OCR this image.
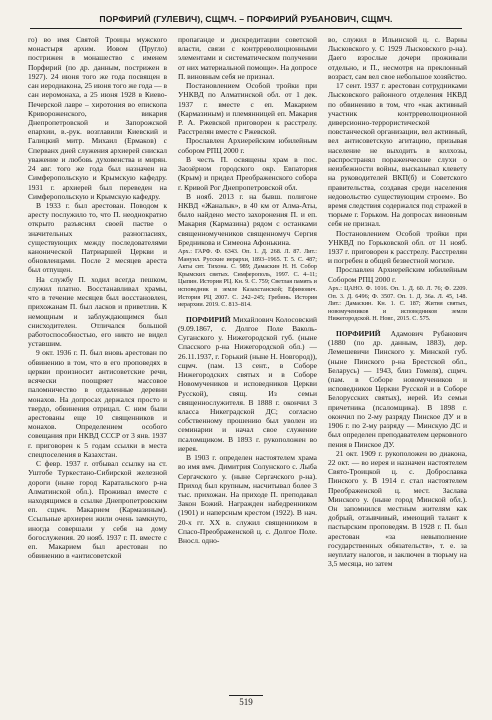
ПОРФИРИЙ (ГУЛЕВИЧ), СЩМЧ. – ПОРФИРИЙ РУБАНОВИЧ, СЩМЧ.

го) во имя Святой Троицы мужского монастыря архим. Иовом (Пругло) пострижен в монашество с именем Порфирий (по др. данным, пострижен в 1927). 24 июня того же года посвящен в сан иеродиакона, 25 июня того же года — в сан иеромонаха, а 25 июня 1928 в Киево-Печерской лавре – хиротония во епископа Кривороженского, викария Днепропетровской и Запорожской епархии, в.-рук. возглавили Киевский и Галицкий митр. Михаил (Ермаков) с Сперванх дней служения архиерей снискал уважение и любовь духовенства и мирян. 24 авг. того же года был назначен на Симферопольскую и Крымскую кафедру. 1931 г. архиерей был переведен на Симферопольскую и Крымскую кафедру.

В 1933 г. был арестован. Поводом к аресту послужило то, что П. неоднократно открыто разъяснял своей пастве о значительных разногласиях, существующих между последователями канонической Патриаршей Церкви и обновленцами. После 2 месяцев ареста был отпущен.

На службу П. ходил всегда пешком, служил платно. Восстанавливал храмы, что в течение месяцев был восстановлен, прихожанам П. был ласков и приветлив. К немощным и заблуждающимся был снисходителен. Отличался большой работоспособностью, его никто не видел уставшим.

9 окт. 1936 г. П. был вновь арестован по обвинению в том, что в его проповедях в церкви произносит антисоветские речи, всячески поощряет массовое паломничество в отдаленные деревни монахов. На допросах держался просто и твердо, обвинения отрицал. С ним были арестованы еще 10 священников и монахов. Определением особого совещания при НКВД СССР от 3 янв. 1937 г. приговорен к 5 годам ссылки в места спецпоселения в Казахстан.

С февр. 1937 г. отбывал ссылку на ст. Уштобе Туркестано-Сибирской железной дороги (ныне город Каратальского р-на Алматинской обл.). Проживал вместе с находящимся в ссылке Днепропетровским еп. сщмч. Макарием (Кармазиным). Ссыльные архиереи жили очень замкнуто, иногда совершали у себя на дому богослужения. 20 нояб. 1937 г. П. вместе с еп. Макарием был арестован по обвинению в «антисоветской

пропаганде и дискредитации советской власти, связи с контрреволюционными элементами и систематическом получении от них материальной помощи». На допросе П. виновным себя не признал.

Постановлением Особой тройки при УНКВД по Алматинской обл. от 1 дек. 1937 г. вместе с еп. Макарием (Кармазиным) и племянницей еп. Макария Р. А. Ржевской приговорен к расстрелу. Расстрелян вместе с Ржевской.

Прославлен Архиерейским юбилейным собором РПЦ 2000 г.

В честь П. освящены храм в пос. Заозёрном городского окр. Евпатория (Крым) и придел Преображенского собора г. Кривой Рог Днепропетровской обл.

В нояб. 2013 г. на бывш. полигоне НКВД «Жаналык», в 40 км от Алма-Аты, было найдено место захоронения П. и еп. Макария (Кармазина) рядом с останками священномучеников священномуч Сергия Бредникова и Симеона Афонькина.

Арх.: ГАРФ. Ф. 6343. Оп. 1. Д. 268. Л. 87. Лит.: Мануил. Русские иерархи, 1893–1965. Т. 5. С. 487; Акты свт. Тихона. С. 989; Дамаскин Н. Н. Собор Крымских святых. Симферополь, 1997. С. 4–11; Цыпин. История РЦ. Кн. 9. С. 759; Светлая память и исповедник в земле Казахстанской; Ефимович. История РЦ 2007. С. 242–245; Гребинь. История иерархии. 2019. С. 813–814.

ПОРФИРИЙ Михайлович Колосовский (9.09.1867, с. Долгое Поле Ваколь-Суганского у. Нижегородской губ. (ныне Спасского р-на Нижегородской обл.) — 26.11.1937, г. Горький (ныне Н. Новгород)), сщмч. (пам. 13 сент., в Соборе Нижегородских святых и в Соборе Новомучеников и исповедников Церкви Русской), свящ. Из семьи священнослужителя. В 1888 г. окончил 3 класса Никеградской ДС; согласно собственному прошению был уволен из семинарии и начал свое служение псаломщиком. В 1893 г. рукоположен во иерея.

В 1903 г. определен настоятелем храма во имя вмч. Димитрия Солунского с. Лыба Сергачского у. (ныне Сергачского р-на). Приход был крупным, насчитывал более 3 тыс. прихожан. На приходе П. преподавал Закон Божий. Награжден набедренником (1901) и наперсным крестом (1922). В нач. 20-х гг. XX в. служил священником в Спасо-Преображенской ц. с. Долгое Поле. Вносл. одно-

во, служил в Ильинской ц. с. Варны Лысковского у. С 1929 Лысковского р-на). Даего взрослые дочери проживали отдельно, и П., несмотря на преклонный возраст, сам вел свое небольшое хозяйство.

17 сент. 1937 г. арестован сотрудниками Лысковского районного отделения НКВД по обвинению в том, что «как активный участник контрреволюционной диверсионно-террористической повстанческой организации, вел активный, вел антисоветскую агитацию, призывая население не выходить в колхозы, распространял пораженческие слухи о неизбежности войны, высказывал клевету на руководителей ВКП(б) и Советского правительства, создавая среди населения недовольство существующим строем». Во время следствия содержался под стражей в тюрьме г. Горьком. На допросах виновным себя не признал.

Постановлением Особой тройки при УНКВД по Горьковской обл. от 11 нояб. 1937 г. приговорен к расстрелу. Расстрелян и погребен в общей безвестной могиле.

Прославлен Архиерейским юбилейным Собором РПЦ 2000 г.

Арх.: ЦАНО. Ф. 1016. Оп. 1. Д. 60. Л. 76; Ф. 2209. Оп. 3. Д. 6496; Ф. 3507. Оп. 1. Д. 36а. Л. 45, 148. Лит.: Дамаскин. Кн. 1. С. 187; Жития святых, новомучеников и исповедников земли Нижегородской. Н. Новг., 2015. С. 575.

ПОРФИРИЙ Адамович Рубанович (1880 (по др. данным, 1883), дер. Лемешевичи Пинского у. Минской губ. (ныне Пинского р-на Брестской обл., Беларусь) — 1943, близ Гомеля), сщмч. (пам. в Соборе новомучеников и исповедников Церкви Русской и в Соборе Белорусских святых), иерей. Из семьи причетника (псаломщика). В 1898 г. окончил по 2-му разряду Пинское ДУ и в 1906 г. по 2-му разряду — Минскую ДС и был определен преподавателем церковного пения в Пинское ДУ.

21 окт. 1909 г. рукоположен во диакона, 22 окт. — во иерея и назначен настоятелем Свято-Троицкой ц. с. Доброславка Пинского у. В 1914 г. стал настоятелем Преображенской ц. мест. Заслава Минского у. (ныне город Минской обл.). Он запомнился местным жителям как добрый, отзывчивый, имеющий талант к пастырским проповедям. В 1928 г. П. был арестован «за невыполнение государственных обязательств», т. е. за неуплату налогов, и заключен в тюрьму на 3,5 месяца, но затем

519
